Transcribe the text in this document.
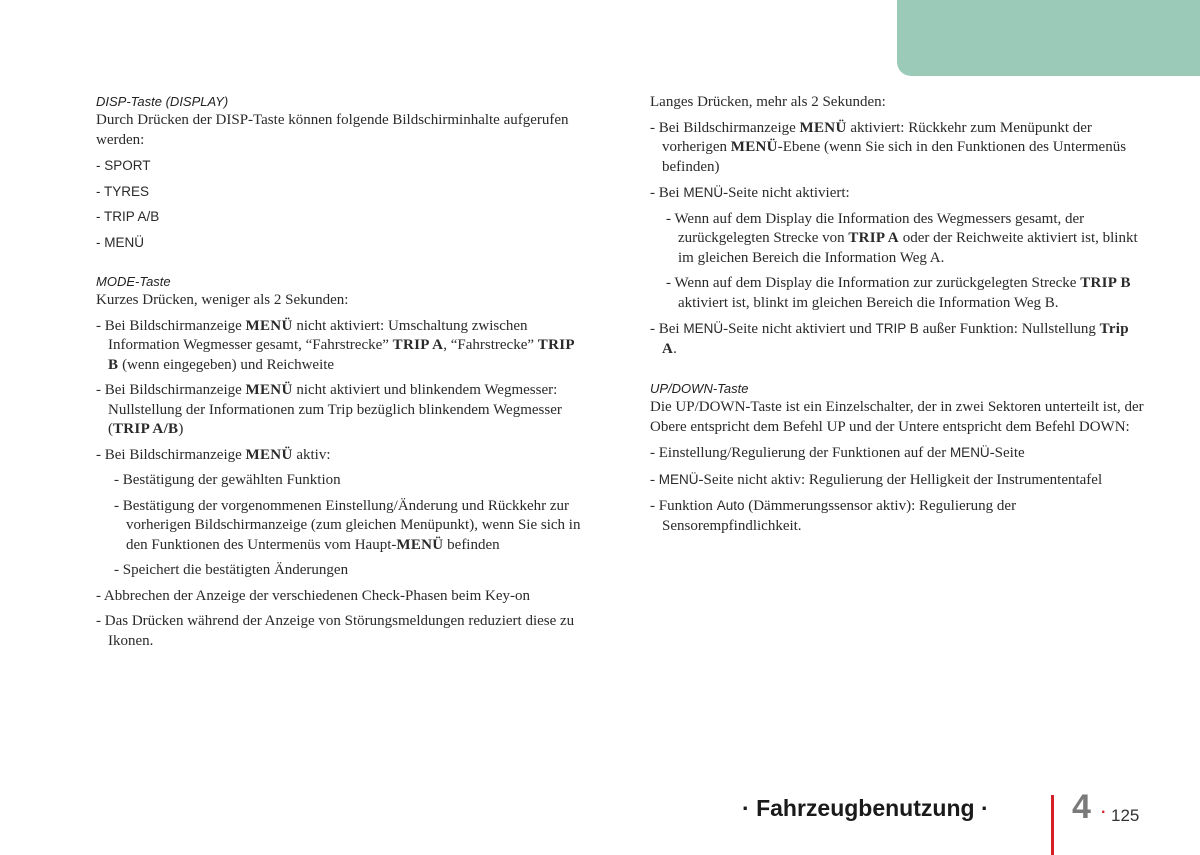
DISP-Taste (DISPLAY)

Durch Drücken der DISP-Taste können folgende Bildschirminhalte aufgerufen werden:

- SPORT

- TYRES

- TRIP A/B

- MENÜ

MODE-Taste

Kurzes Drücken, weniger als 2 Sekunden:

- Bei Bildschirmanzeige MENÜ nicht aktiviert: Umschaltung zwischen Information Wegmesser gesamt, “Fahrstrecke” TRIP A, “Fahrstrecke” TRIP B (wenn eingegeben) und Reichweite

- Bei Bildschirmanzeige MENÜ nicht aktiviert und blinkendem Wegmesser: Nullstellung der Informationen zum Trip bezüglich blinkendem Wegmesser (TRIP A/B)

- Bei Bildschirmanzeige MENÜ aktiv:

- Bestätigung der gewählten Funktion

- Bestätigung der vorgenommenen Einstellung/Änderung und Rückkehr zur vorherigen Bildschirmanzeige (zum gleichen Menüpunkt), wenn Sie sich in den Funktionen des Untermenüs vom Haupt-MENÜ befinden

- Speichert die bestätigten Änderungen

- Abbrechen der Anzeige der verschiedenen Check-Phasen beim Key-on

- Das Drücken während der Anzeige von Störungsmeldungen reduziert diese zu Ikonen.

Langes Drücken, mehr als 2 Sekunden:

- Bei Bildschirmanzeige MENÜ aktiviert: Rückkehr zum Menüpunkt der vorherigen MENÜ-Ebene (wenn Sie sich in den Funktionen des Untermenüs befinden)

- Bei MENÜ-Seite nicht aktiviert:

- Wenn auf dem Display die Information des Wegmessers gesamt, der zurückgelegten Strecke von TRIP A oder der Reichweite aktiviert ist, blinkt im gleichen Bereich die Information Weg A.

- Wenn auf dem Display die Information zur zurückgelegten Strecke TRIP B aktiviert ist, blinkt im gleichen Bereich die Information Weg B.

- Bei MENÜ-Seite nicht aktiviert und TRIP B außer Funktion: Nullstellung Trip A.

UP/DOWN-Taste

Die UP/DOWN-Taste ist ein Einzelschalter, der in zwei Sektoren unterteilt ist, der Obere entspricht dem Befehl UP und der Untere entspricht dem Befehl DOWN:

- Einstellung/Regulierung der Funktionen auf der MENÜ-Seite

- MENÜ-Seite nicht aktiv: Regulierung der Helligkeit der Instrumententafel

- Funktion Auto (Dämmerungssensor aktiv): Regulierung der Sensorempfindlichkeit.

· Fahrzeugbenutzung · 4 · 125
